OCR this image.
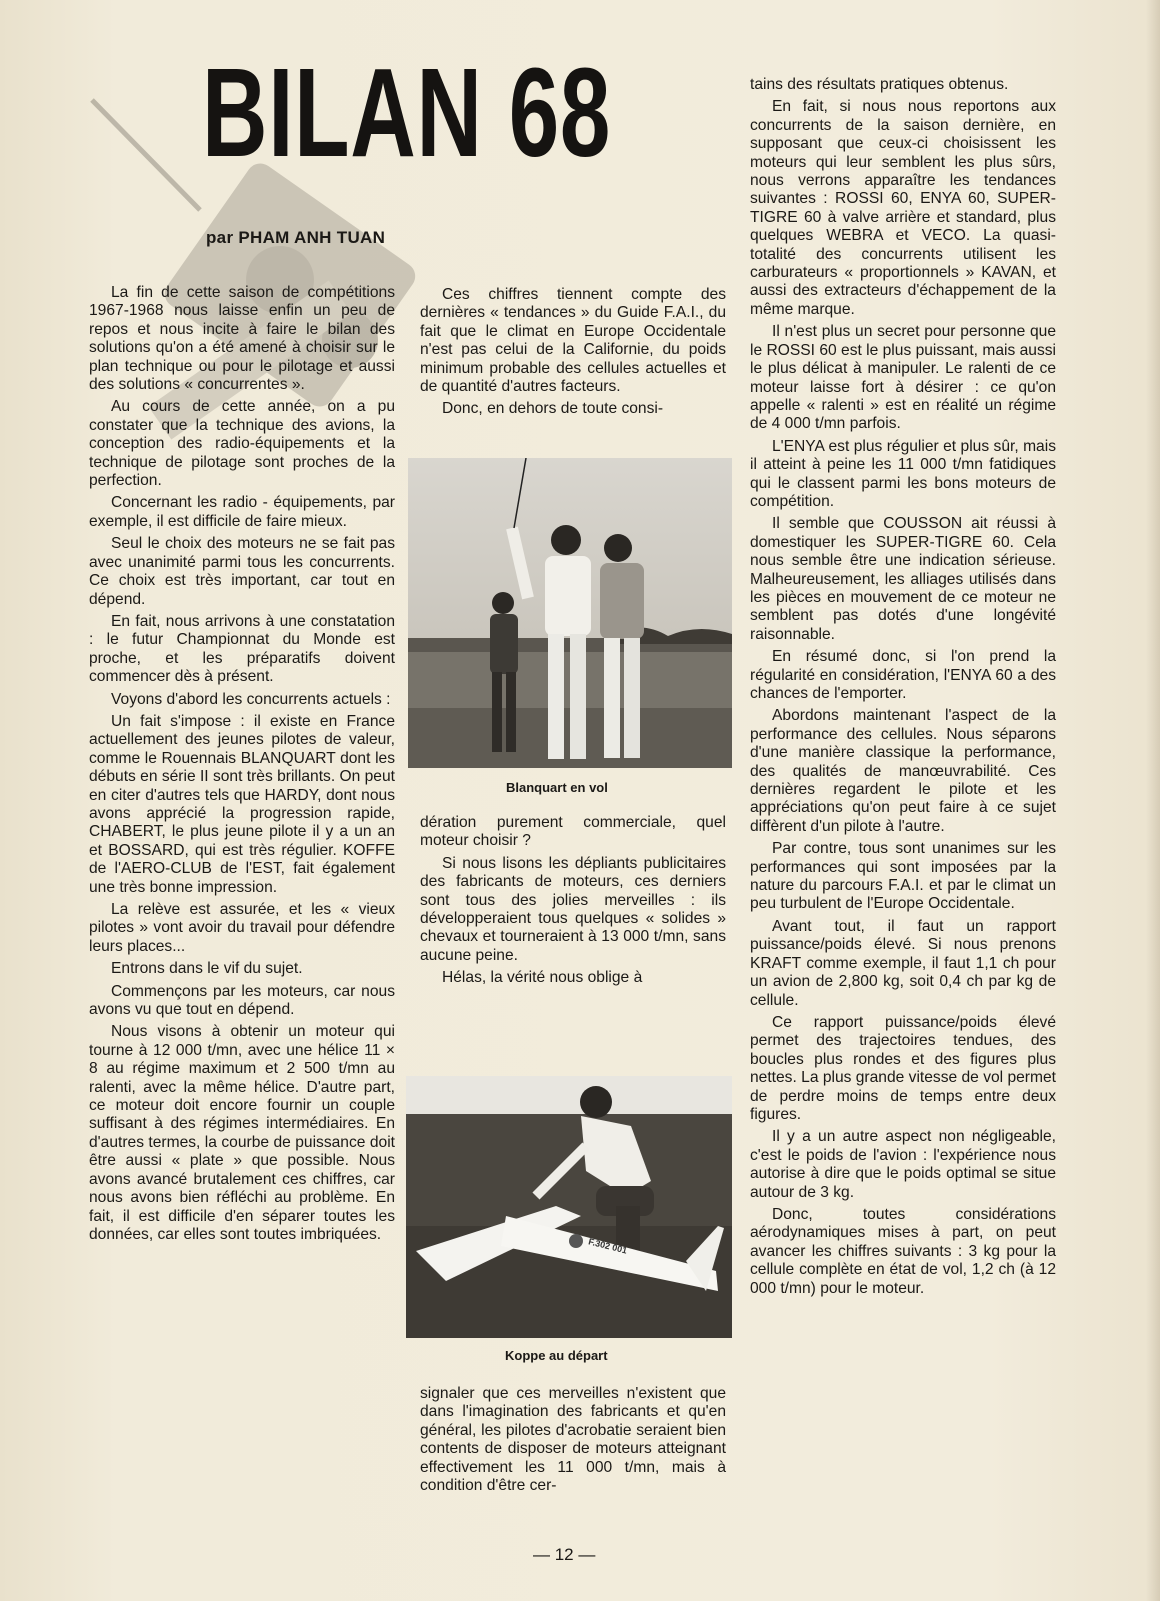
BILAN 68

par PHAM ANH TUAN

La fin de cette saison de compétitions 1967-1968 nous laisse enfin un peu de repos et nous incite à faire le bilan des solutions qu'on a été amené à choisir sur le plan technique ou pour le pilotage et aussi des solutions « concurrentes ».

Au cours de cette année, on a pu constater que la technique des avions, la conception des radio-équipements et la technique de pilotage sont proches de la perfection.

Concernant les radio - équipements, par exemple, il est difficile de faire mieux.

Seul le choix des moteurs ne se fait pas avec unanimité parmi tous les concurrents. Ce choix est très important, car tout en dépend.

En fait, nous arrivons à une constatation : le futur Championnat du Monde est proche, et les préparatifs doivent commencer dès à présent.

Voyons d'abord les concurrents actuels :

Un fait s'impose : il existe en France actuellement des jeunes pilotes de valeur, comme le Rouennais BLANQUART dont les débuts en série II sont très brillants. On peut en citer d'autres tels que HARDY, dont nous avons apprécié la progression rapide, CHABERT, le plus jeune pilote il y a un an et BOSSARD, qui est très régulier. KOFFE de l'AERO-CLUB de l'EST, fait également une très bonne impression.

La relève est assurée, et les « vieux pilotes » vont avoir du travail pour défendre leurs places...

Entrons dans le vif du sujet.

Commençons par les moteurs, car nous avons vu que tout en dépend.

Nous visons à obtenir un moteur qui tourne à 12 000 t/mn, avec une hélice 11 × 8 au régime maximum et 2 500 t/mn au ralenti, avec la même hélice. D'autre part, ce moteur doit encore fournir un couple suffisant à des régimes intermédiaires. En d'autres termes, la courbe de puissance doit être aussi « plate » que possible. Nous avons avancé brutalement ces chiffres, car nous avons bien réfléchi au problème. En fait, il est difficile d'en séparer toutes les données, car elles sont toutes imbriquées.

Ces chiffres tiennent compte des dernières « tendances » du Guide F.A.I., du fait que le climat en Europe Occidentale n'est pas celui de la Californie, du poids minimum probable des cellules actuelles et de quantité d'autres facteurs.

Donc, en dehors de toute consi-

Blanquart en vol

dération purement commerciale, quel moteur choisir ?

Si nous lisons les dépliants publicitaires des fabricants de moteurs, ces derniers sont tous des jolies merveilles : ils développeraient tous quelques « solides » chevaux et tourneraient à 13 000 t/mn, sans aucune peine.

Hélas, la vérité nous oblige à

F.302 001

Koppe au départ

signaler que ces merveilles n'existent que dans l'imagination des fabricants et qu'en général, les pilotes d'acrobatie seraient bien contents de disposer de moteurs atteignant effectivement les 11 000 t/mn, mais à condition d'être cer-

tains des résultats pratiques obtenus.

En fait, si nous nous reportons aux concurrents de la saison dernière, en supposant que ceux-ci choisissent les moteurs qui leur semblent les plus sûrs, nous verrons apparaître les tendances suivantes : ROSSI 60, ENYA 60, SUPER-TIGRE 60 à valve arrière et standard, plus quelques WEBRA et VECO. La quasi-totalité des concurrents utilisent les carburateurs « proportionnels » KAVAN, et aussi des extracteurs d'échappement de la même marque.

Il n'est plus un secret pour personne que le ROSSI 60 est le plus puissant, mais aussi le plus délicat à manipuler. Le ralenti de ce moteur laisse fort à désirer : ce qu'on appelle « ralenti » est en réalité un régime de 4 000 t/mn parfois.

L'ENYA est plus régulier et plus sûr, mais il atteint à peine les 11 000 t/mn fatidiques qui le classent parmi les bons moteurs de compétition.

Il semble que COUSSON ait réussi à domestiquer les SUPER-TIGRE 60. Cela nous semble être une indication sérieuse. Malheureusement, les alliages utilisés dans les pièces en mouvement de ce moteur ne semblent pas dotés d'une longévité raisonnable.

En résumé donc, si l'on prend la régularité en considération, l'ENYA 60 a des chances de l'emporter.

Abordons maintenant l'aspect de la performance des cellules. Nous séparons d'une manière classique la performance, des qualités de manœuvrabilité. Ces dernières regardent le pilote et les appréciations qu'on peut faire à ce sujet diffèrent d'un pilote à l'autre.

Par contre, tous sont unanimes sur les performances qui sont imposées par la nature du parcours F.A.I. et par le climat un peu turbulent de l'Europe Occidentale.

Avant tout, il faut un rapport puissance/poids élevé. Si nous prenons KRAFT comme exemple, il faut 1,1 ch pour un avion de 2,800 kg, soit 0,4 ch par kg de cellule.

Ce rapport puissance/poids élevé permet des trajectoires tendues, des boucles plus rondes et des figures plus nettes. La plus grande vitesse de vol permet de perdre moins de temps entre deux figures.

Il y a un autre aspect non négligeable, c'est le poids de l'avion : l'expérience nous autorise à dire que le poids optimal se situe autour de 3 kg.

Donc, toutes considérations aérodynamiques mises à part, on peut avancer les chiffres suivants : 3 kg pour la cellule complète en état de vol, 1,2 ch (à 12 000 t/mn) pour le moteur.

— 12 —
